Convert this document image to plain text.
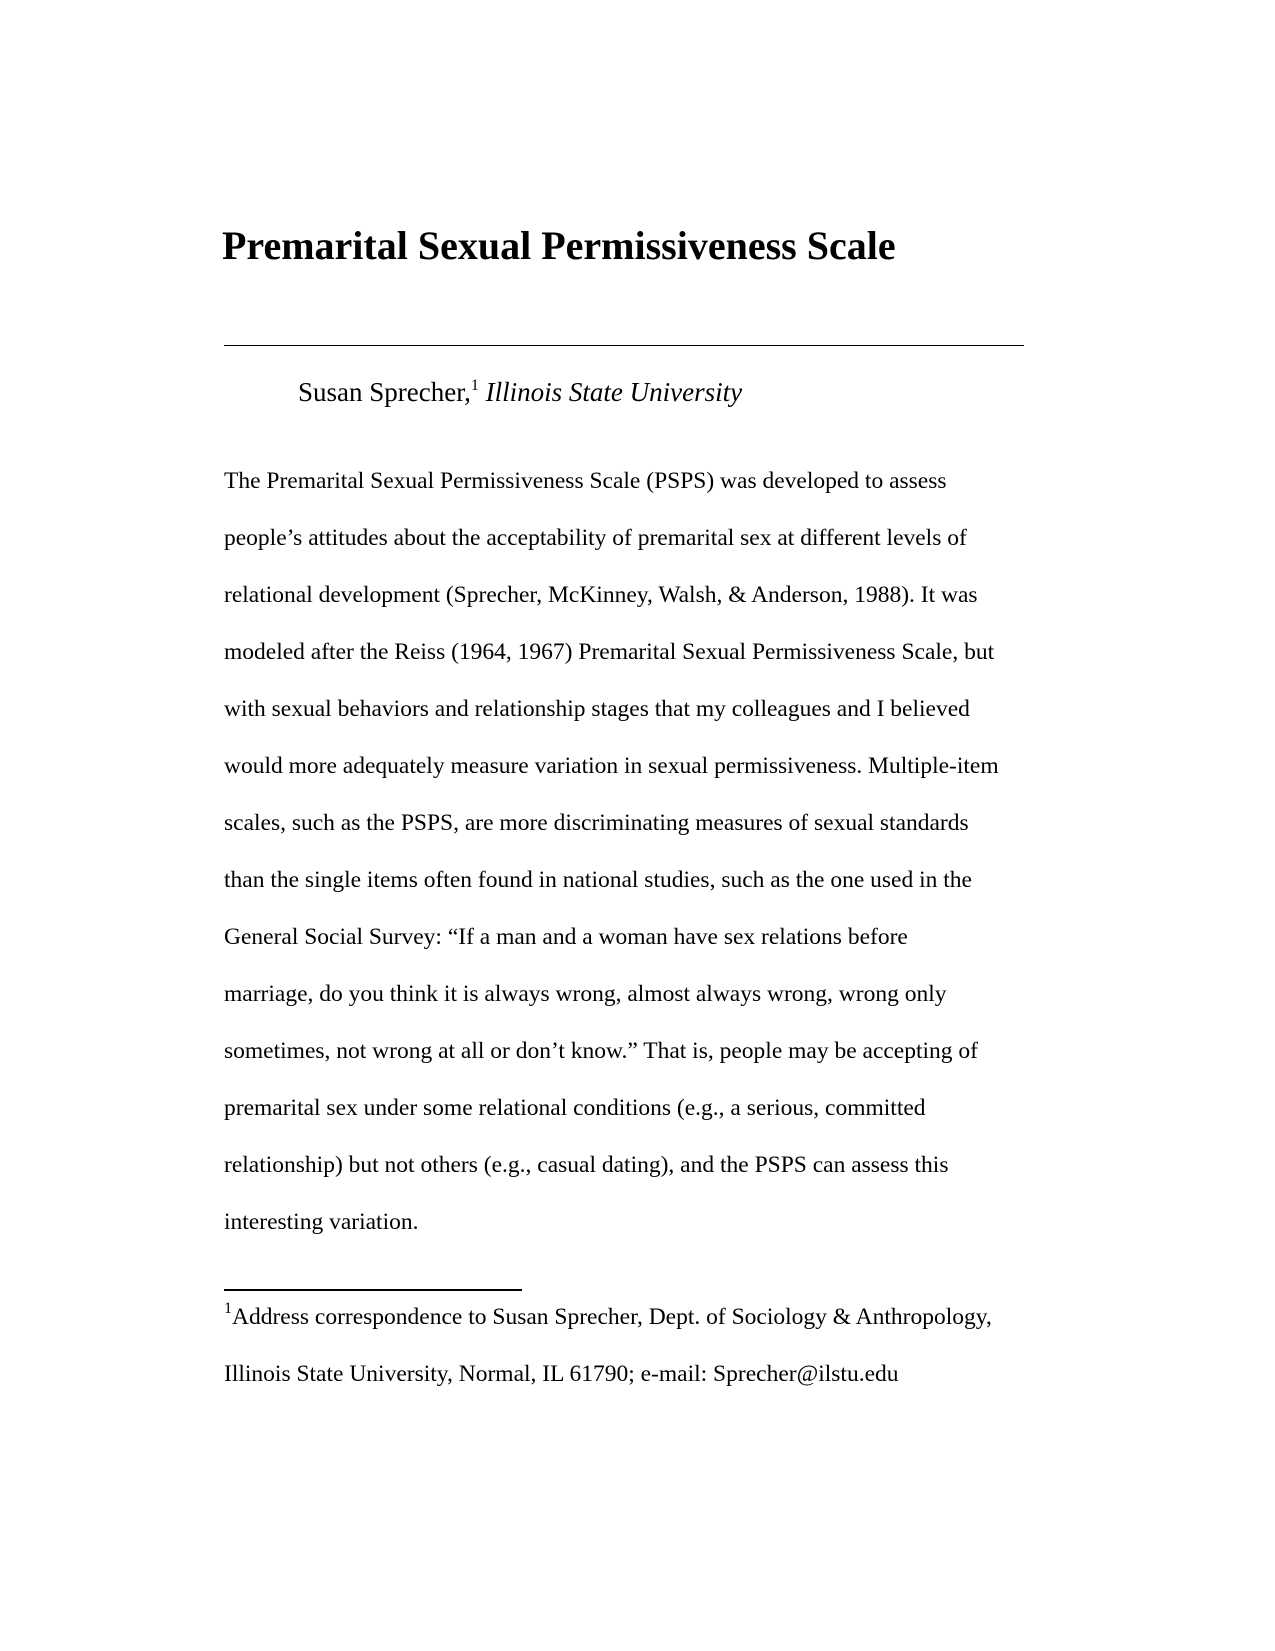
Premarital Sexual Permissiveness Scale
Susan Sprecher,$^1$ Illinois State University
The Premarital Sexual Permissiveness Scale (PSPS) was developed to assess
people’s attitudes about the acceptability of premarital sex at different levels of
relational development (Sprecher, McKinney, Walsh, & Anderson, 1988). It was
modeled after the Reiss (1964, 1967) Premarital Sexual Permissiveness Scale, but
with sexual behaviors and relationship stages that my colleagues and I believed
would more adequately measure variation in sexual permissiveness. Multiple-item
scales, such as the PSPS, are more discriminating measures of sexual standards
than the single items often found in national studies, such as the one used in the
General Social Survey: “If a man and a woman have sex relations before
marriage, do you think it is always wrong, almost always wrong, wrong only
sometimes, not wrong at all or don’t know.” That is, people may be accepting of
premarital sex under some relational conditions (e.g., a serious, committed
relationship) but not others (e.g., casual dating), and the PSPS can assess this
interesting variation.
$^1$Address correspondence to Susan Sprecher, Dept. of Sociology & Anthropology,
Illinois State University, Normal, IL 61790; e-mail: Sprecher@ilstu.edu
